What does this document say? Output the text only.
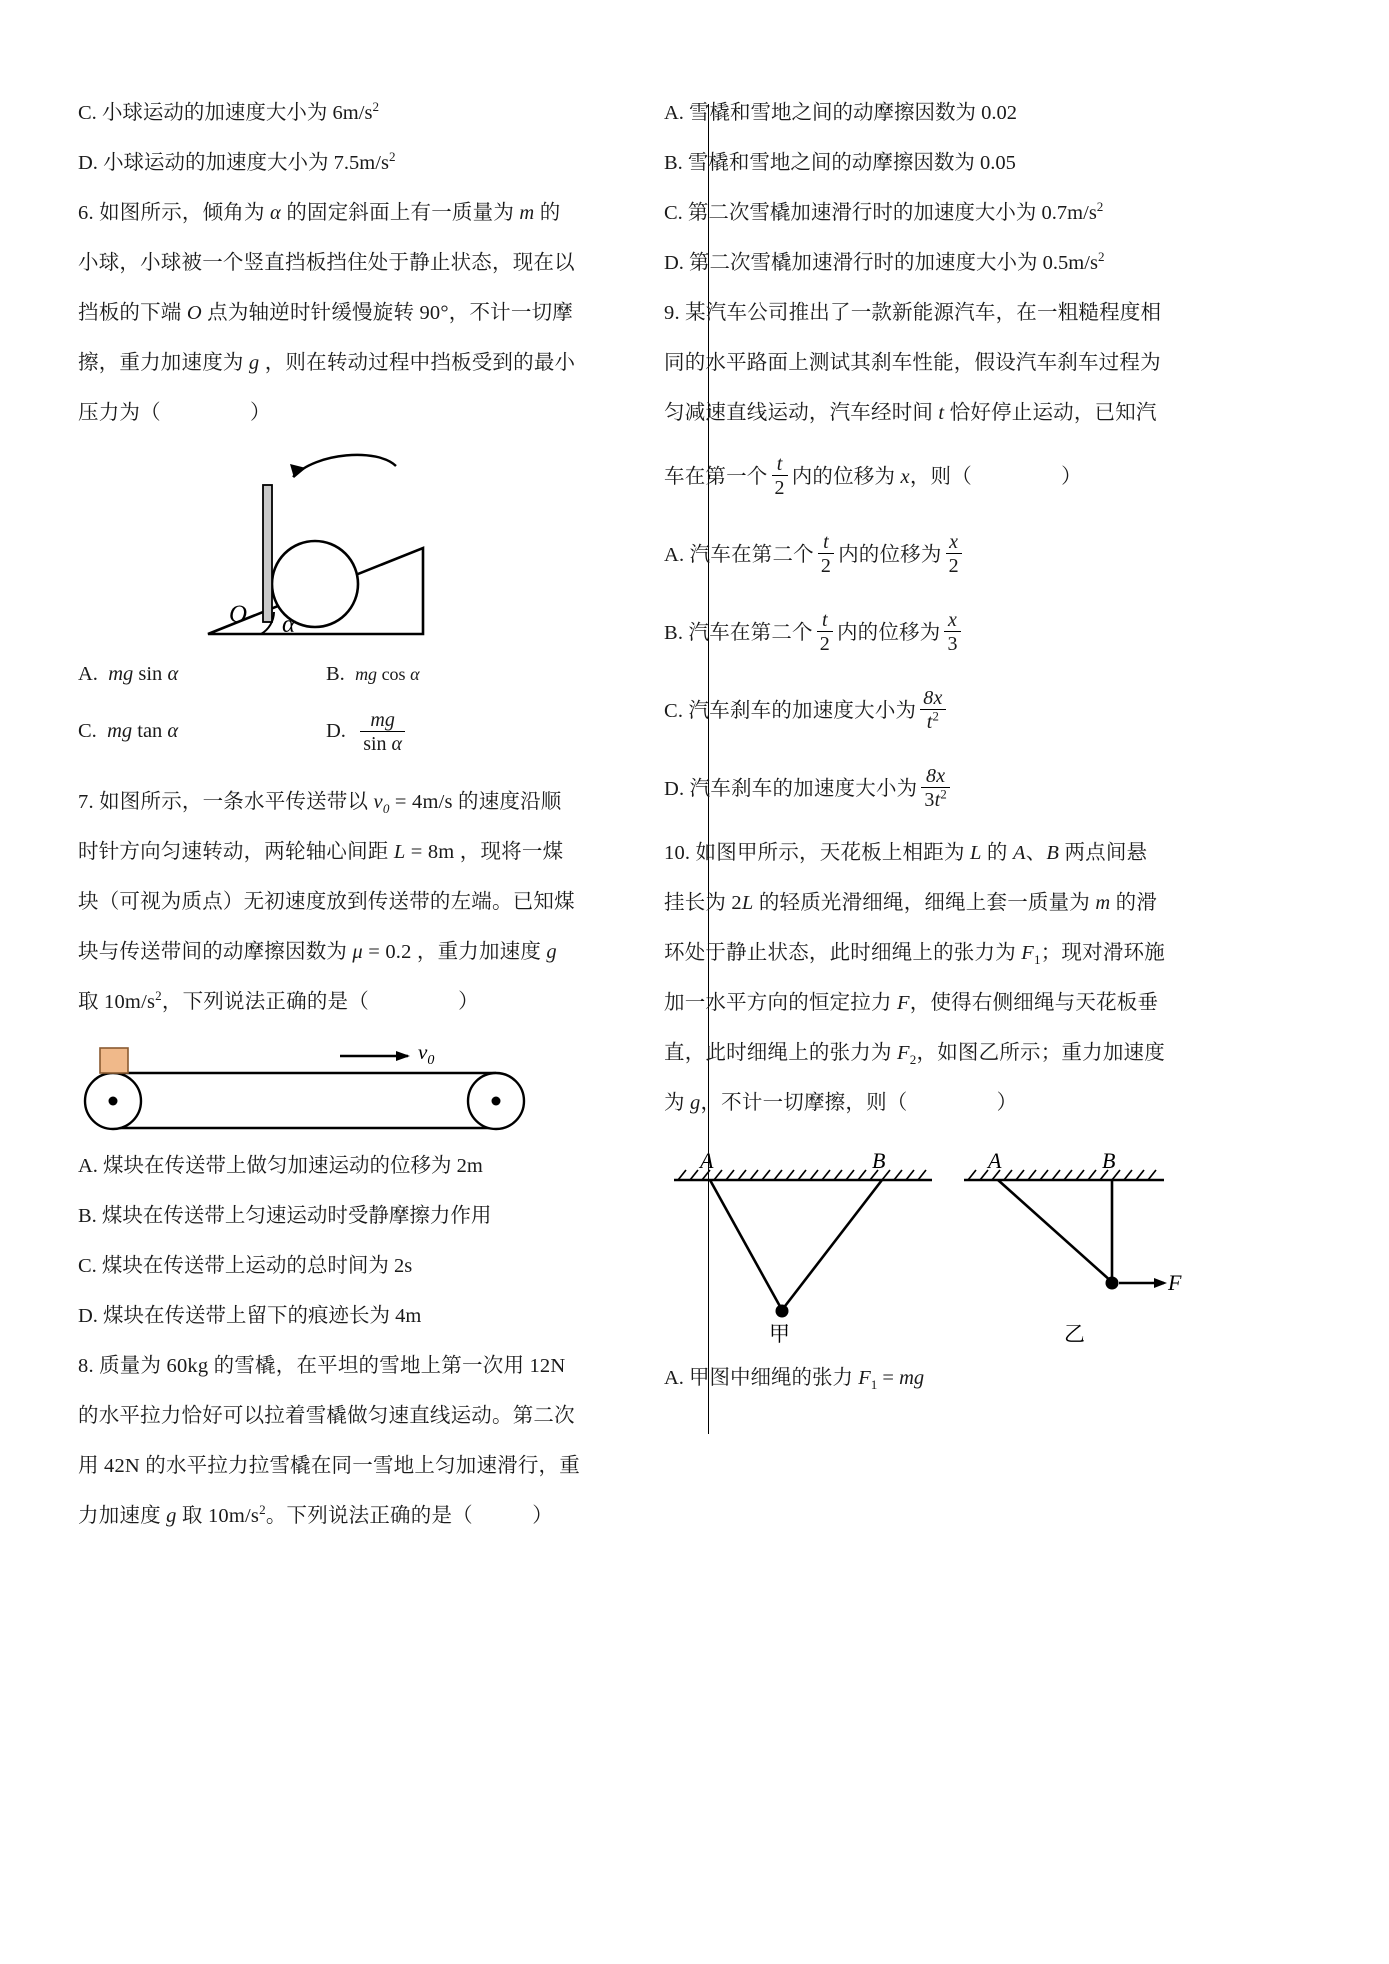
C. 小球运动的加速度大小为 $6m/s^2$
D. 小球运动的加速度大小为 $7.5m/s^2$
6. 如图所示，倾角为 α 的固定斜面上有一质量为 m 的
小球，小球被一个竖直挡板挡住处于静止状态，现在以
挡板的下端 O 点为轴逆时针缓慢旋转 90°，不计一切摩
擦，重力加速度为 g ，则在转动过程中挡板受到的最小
压力为（	）
O α
A.  mg sin α	B.  mg cos α
C.  mg tan α	D. $\frac{mg}{\text{sin α}}$
7. 如图所示，一条水平传送带以 $v_0 = 4m/s$ 的速度沿顺
时针方向匀速转动，两轮轴心间距 L = 8m ，现将一煤
块（可视为质点）无初速度放到传送带的左端。已知煤
块与传送带间的动摩擦因数为 μ = 0.2 ，重力加速度 g
取 $10m/s^2$，下列说法正确的是（	）
$v_0$
A. 煤块在传送带上做匀加速运动的位移为 2m
B. 煤块在传送带上匀速运动时受静摩擦力作用
C. 煤块在传送带上运动的总时间为 2s
D. 煤块在传送带上留下的痕迹长为 4m
8. 质量为 60kg 的雪橇，在平坦的雪地上第一次用 12N
的水平拉力恰好可以拉着雪橇做匀速直线运动。第二次
用 42N 的水平拉力拉雪橇在同一雪地上匀加速滑行，重
力加速度 g 取 $10m/s^2$。下列说法正确的是（	）
A. 雪橇和雪地之间的动摩擦因数为 0.02
B. 雪橇和雪地之间的动摩擦因数为 0.05
C. 第二次雪橇加速滑行时的加速度大小为 $0.7m/s^2$
D. 第二次雪橇加速滑行时的加速度大小为 $0.5m/s^2$
9. 某汽车公司推出了一款新能源汽车，在一粗糙程度相
同的水平路面上测试其刹车性能，假设汽车刹车过程为
匀减速直线运动，汽车经时间 t 恰好停止运动，已知汽
车在第一个 $\frac{t}{2}$ 内的位移为 x，则（	）
A. 汽车在第二个 $\frac{t}{2}$ 内的位移为 $\frac{x}{2}$
B. 汽车在第二个 $\frac{t}{2}$ 内的位移为 $\frac{x}{3}$
C. 汽车刹车的加速度大小为 $\frac{8x}{t^2}$
D. 汽车刹车的加速度大小为 $\frac{8x}{3t^2}$
10. 如图甲所示，天花板上相距为 L 的 A、B 两点间悬
挂长为 2L 的轻质光滑细绳，细绳上套一质量为 m 的滑
环处于静止状态，此时细绳上的张力为 $F_1$；现对滑环施
加一水平方向的恒定拉力 F，使得右侧细绳与天花板垂
直，此时细绳上的张力为 $F_2$，如图乙所示；重力加速度
为 g，不计一切摩擦，则（	）
A	B
甲
F
A	B
乙
A. 甲图中细绳的张力 $F_1$ = mg
